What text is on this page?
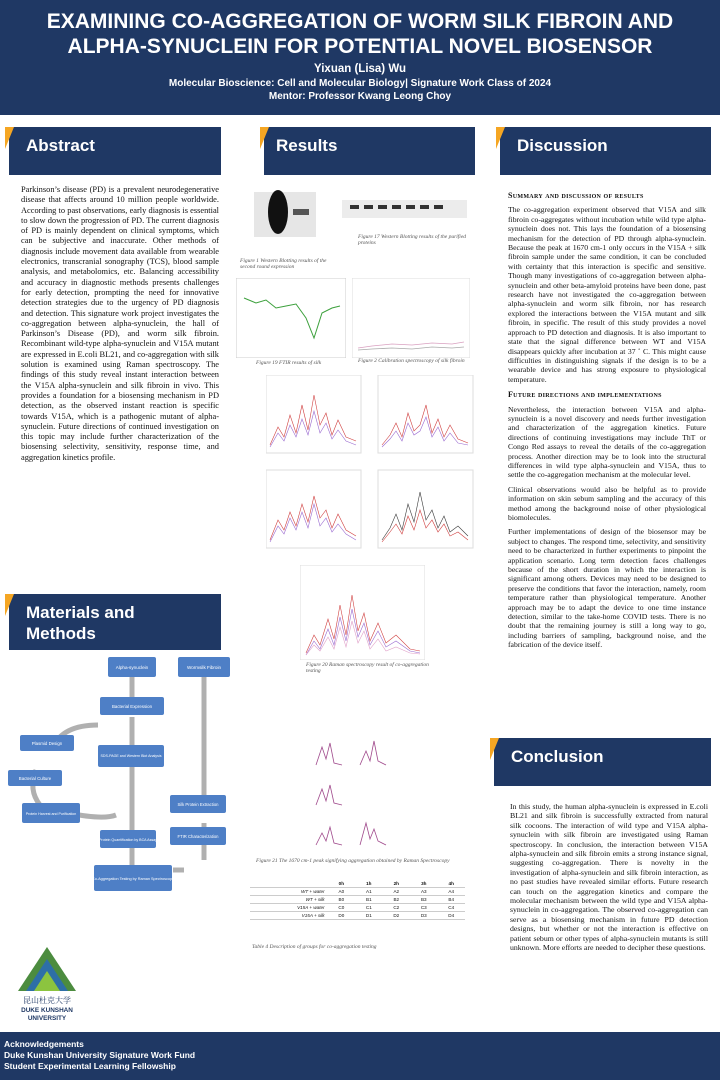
EXAMINING CO-AGGREGATION OF WORM SILK FIBROIN AND ALPHA-SYNUCLEIN FOR POTENTIAL NOVEL BIOSENSOR
Yixuan (Lisa) Wu
Molecular Bioscience: Cell and Molecular Biology| Signature Work Class of 2024
Mentor: Professor Kwang Leong Choy
Abstract
Parkinson’s disease (PD) is a prevalent neurodegenerative disease that affects around 10 million people worldwide. According to past observations, early diagnosis is essential to slow down the progression of PD. The current diagnosis of PD is mainly dependent on clinical symptoms, which can be subjective and inaccurate. Other methods of diagnosis include movement data available from wearable electronics, transcranial sonography (TCS), blood sample analysis, and metabolomics, etc. Balancing accessibility and accuracy in diagnostic methods presents challenges for early detection, prompting the need for innovative detection strategies due to the urgency of PD diagnosis and detection. This signature work project investigates the co-aggregation between alpha-synuclein, the hall of Parkinson’s Disease (PD), and worm silk fibroin. Recombinant wild-type alpha-synuclein and V15A mutant are expressed in E.coli BL21, and co-aggregation with silk solution is examined using Raman spectroscopy. The findings of this study reveal instant interaction between the V15A alpha-synuclein and silk fibroin in vivo. This provides a foundation for a biosensing mechanism in PD detection, as the observed instant reaction is specific towards V15A, which is a pathogenic mutant of alpha-synuclein. Future directions of continued investigation on this topic may include further characterization of the biosensing selectivity, sensitivity, response time, and aggregation kinetics profile.
Materials and Methods
Alpha-synuclein	Wormsilk Fibroin
Bacterial Expression
Plasmid Design
SDS-PAGE and Western Blot Analysis
Bacterial Culture
Protein Harvest and Purification
Silk Protein Extraction
FTIR Characterization
Protein Quantification by BCA Assay
Co-Aggregation Testing by Raman Spectroscopy
昆山杜克大学
DUKE KUNSHAN
UNIVERSITY
Results
Figure 1 Western Blotting results of the second round expression
Figure 17 Western Blotting results of the purified proteins
Figure 19 FTIR results of silk	Figure 2 Calibration spectroscopy of silk fibroin
Figure 20 Raman spectroscopy result of co-aggregation testing
Figure 21 The 1670 cm-1 peak signifying aggregation obtained by Raman Spectroscopy
	0h	1h	2h	3h	4h
WT + water	A0	A1	A2	A3	A4
WT + silk	B0	B1	B2	B3	B4
V15A + water	C0	C1	C2	C3	C4
V15A + silk	D0	D1	D2	D3	D4
Table 4 Description of groups for co-aggregation testing
Discussion
Summary and discussion of results

The co-aggregation experiment observed that V15A and silk fibroin co-aggregates without incubation while wild type alpha-synuclein does not. This lays the foundation of a biosensing mechanism for the detection of PD through alpha-synuclein. Because the peak at 1670 cm-1 only occurs in the V15A + silk fibroin sample under the same condition, it can be concluded with certainty that this interaction is specific and sensitive. Though many investigations of co-aggregation between alpha-synuclein and other beta-amyloid proteins have been done, past research have not investigated the co-aggregation between alpha-synuclein and worm silk fibroin, nor has research explored the interactions between the V15A mutant and silk fibroin, in specific. The result of this study provides a novel approach to PD detection and diagnosis. It is also important to state that the signal difference between WT and V15A disappears quickly after incubation at 37 ˚ C. This might cause difficulties in distinguishing signals if the design is to be a wearable device and has strong exposure to physiological temperature.

Future directions and implementations

Nevertheless, the interaction between V15A and alpha-synuclein is a novel discovery and needs further investigation and characterization of the aggregation kinetics. Future directions of continuing investigations may include ThT or Congo Red assays to reveal the details of the co-aggregation process. Another direction may be to look into the structural differences in wild type alpha-synuclein and V15A, thus to settle the co-aggregation mechanism at the molecular level.

Clinical observations would also be helpful as to provide information on skin sebum sampling and the accuracy of this method among the background noise of other physiological biomolecules.

Further implementations of design of the biosensor may be subject to changes. The respond time, selectivity, and sensitivity need to be characterized in further experiments to pinpoint the application scenario. Long term detection faces challenges because of the short duration in which the interaction is significant among others. Devices may need to be designed to preserve the conditions that favor the interaction, namely, room temperature rather than physiological temperature. Another approach may be to adapt the device to one time instance detection, similar to the take-home COVID tests. There is no doubt that the remaining journey is still a long way to go, including barriers of sampling, background noise, and the fabrication of the device itself.

Conclusion
In this study, the human alpha-synuclein is expressed in E.coli BL21 and silk fibroin is successfully extracted from natural silk cocoons. The interaction of wild type and V15A alpha-synuclein with silk fibroin are investigated using Raman spectroscopy. In conclusion, the interaction between V15A alpha-synuclein and silk fibroin emits a strong instance signal, suggesting co-aggregation. There is novelty in the investigation of alpha-synuclein and silk fibroin interaction, as no past studies have revealed similar efforts. Future research can touch on the aggregation kinetics and compare the molecular mechanism between the wild type and V15A alpha-synuclein in co-aggregation. The observed co-aggregation can serve as a biosensing mechanism in future PD detection designs, but whether or not the interaction is effective on patient sebum or other types of alpha-synuclein mutants is still unknown. More efforts are needed to decipher these questions.
Acknowledgements
Duke Kunshan University Signature Work Fund
Student Experimental Learning Fellowship
